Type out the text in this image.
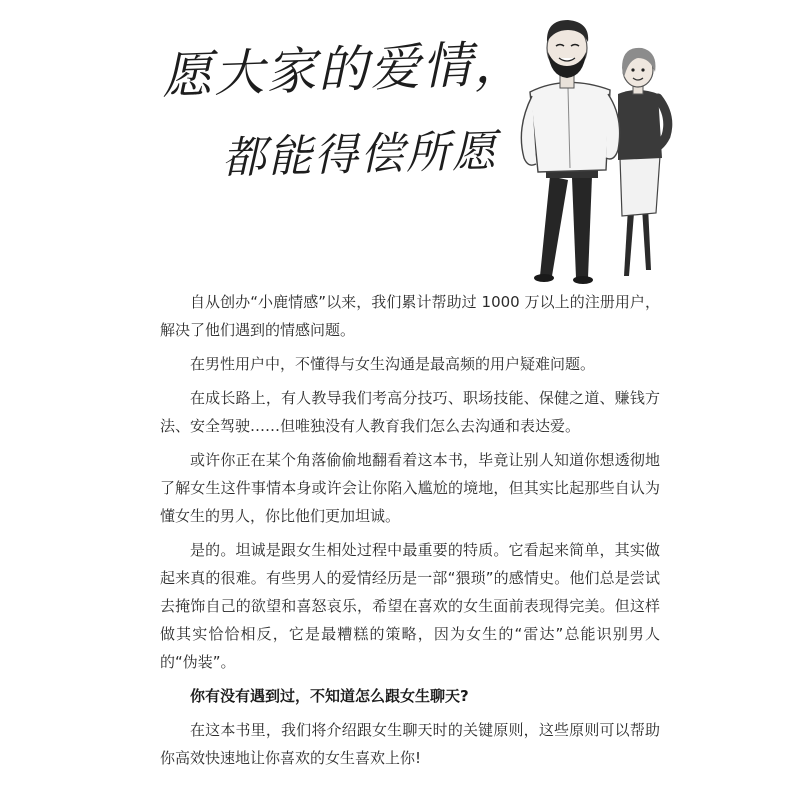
愿大家的爱情，
都能得偿所愿

自从创办“小鹿情感”以来，我们累计帮助过 1000 万以上的注册用户，解决了他们遇到的情感问题。

在男性用户中，不懂得与女生沟通是最高频的用户疑难问题。

在成长路上，有人教导我们考高分技巧、职场技能、保健之道、赚钱方法、安全驾驶……但唯独没有人教育我们怎么去沟通和表达爱。

或许你正在某个角落偷偷地翻看着这本书，毕竟让别人知道你想透彻地了解女生这件事情本身或许会让你陷入尴尬的境地，但其实比起那些自认为懂女生的男人，你比他们更加坦诚。

是的。坦诚是跟女生相处过程中最重要的特质。它看起来简单，其实做起来真的很难。有些男人的爱情经历是一部“猥琐”的感情史。他们总是尝试去掩饰自己的欲望和喜怒哀乐，希望在喜欢的女生面前表现得完美。但这样做其实恰恰相反，它是最糟糕的策略，因为女生的“雷达”总能识别男人的“伪装”。

你有没有遇到过，不知道怎么跟女生聊天?

在这本书里，我们将介绍跟女生聊天时的关键原则，这些原则可以帮助你高效快速地让你喜欢的女生喜欢上你!
